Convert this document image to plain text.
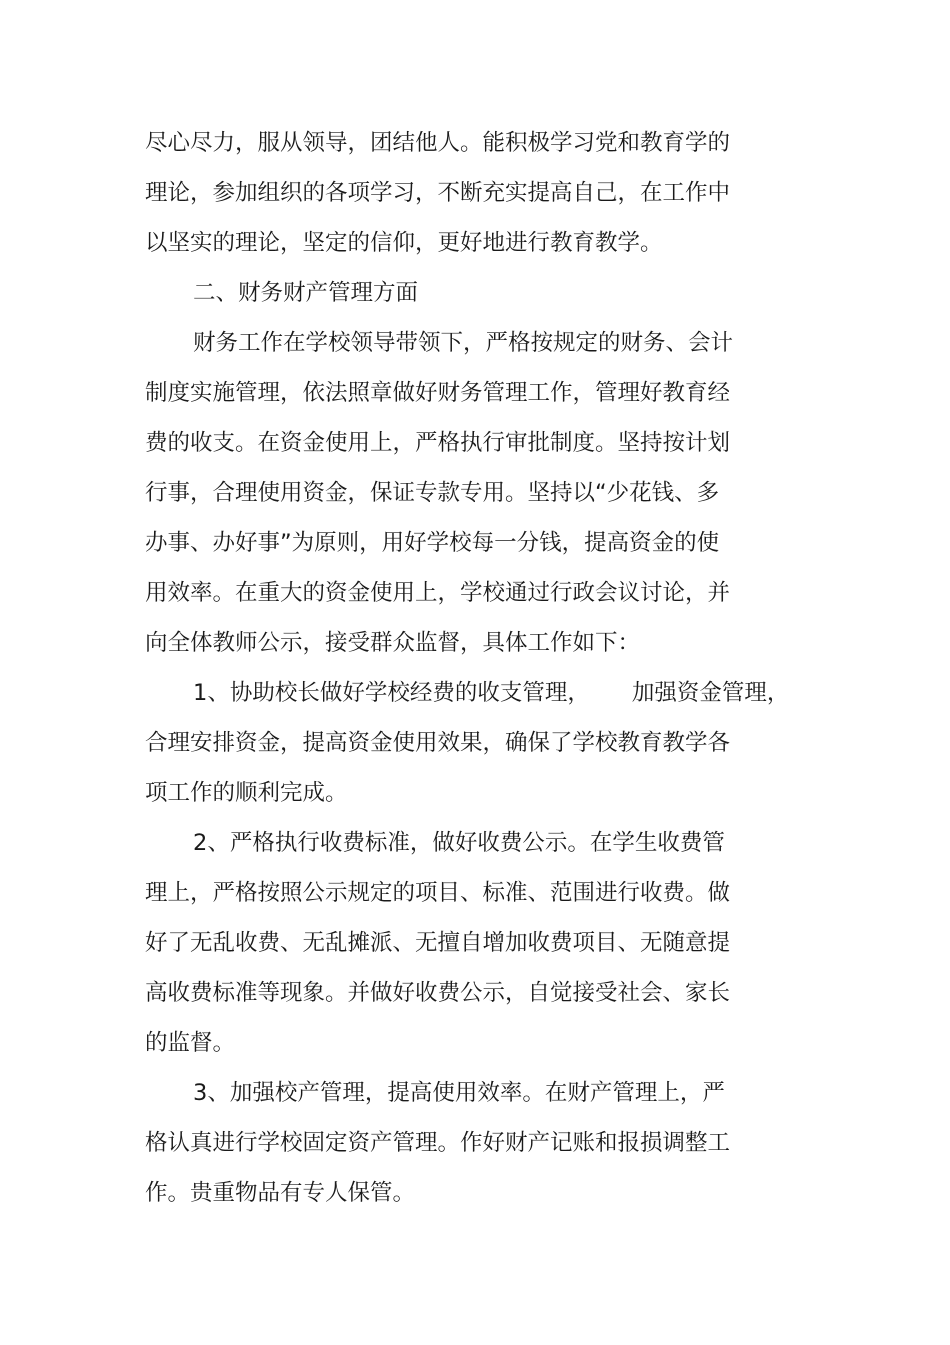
尽心尽力，服从领导，团结他人。能积极学习党和教育学的
理论，参加组织的各项学习，不断充实提高自己，在工作中
以坚实的理论，坚定的信仰，更好地进行教育教学。
二、财务财产管理方面
财务工作在学校领导带领下，严格按规定的财务、会计
制度实施管理，依法照章做好财务管理工作，管理好教育经
费的收支。在资金使用上，严格执行审批制度。坚持按计划
行事，合理使用资金，保证专款专用。坚持以“少花钱、多
办事、办好事”为原则，用好学校每一分钱，提高资金的使
用效率。在重大的资金使用上，学校通过行政会议讨论，并
向全体教师公示，接受群众监督，具体工作如下：
1、协助校长做好学校经费的收支管理， 加强资金管理，
合理安排资金，提高资金使用效果，确保了学校教育教学各
项工作的顺利完成。
2、严格执行收费标准，做好收费公示。在学生收费管
理上，严格按照公示规定的项目、标准、范围进行收费。做
好了无乱收费、无乱摊派、无擅自增加收费项目、无随意提
高收费标准等现象。并做好收费公示，自觉接受社会、家长
的监督。
3、加强校产管理，提高使用效率。在财产管理上，严
格认真进行学校固定资产管理。作好财产记账和报损调整工
作。贵重物品有专人保管。
